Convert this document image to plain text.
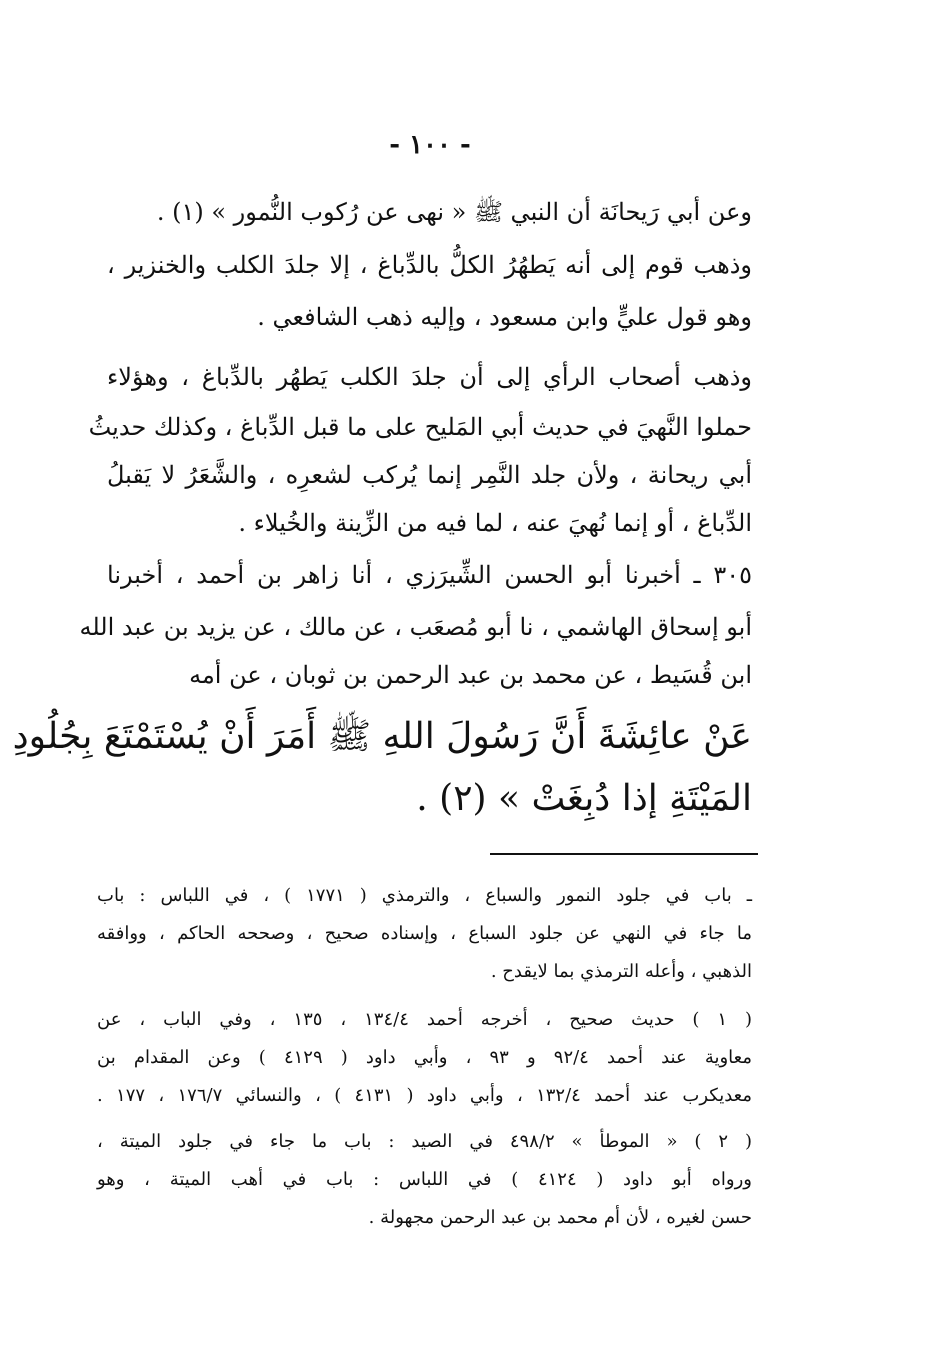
- ١٠٠ -
وعن أبي رَيحانَة أن النبي ﷺ « نهى عن رُكوب النُّمور » (١) .
وذهب قوم إلى أنه يَطهُرُ الكلُّ بالدِّباغ ، إلا جلدَ الكلب والخنزير ،
وهو قول عليٍّ وابن مسعود ، وإليه ذهب الشافعي .
وذهب أصحاب الرأي إلى أن جلدَ الكلب يَطهُر بالدِّباغ ، وهؤلاء
حملوا النَّهيَ في حديث أبي المَليح على ما قبل الدِّباغ ، وكذلك حديثُ
أبي ريحانة ، ولأن جلد النَّمِر إنما يُركب لشعرِه ، والشَّعَرُ لا يَقبلُ
الدِّباغ ، أو إنما نُهيَ عنه ، لما فيه من الزِّينة والخُيلاء .
٣٠٥ ـ أخبرنا أبو الحسن الشِّيرَزي ، أنا زاهر بن أحمد ، أخبرنا
أبو إسحاق الهاشمي ، نا أبو مُصعَب ، عن مالك ، عن يزيد بن عبد الله
ابن قُسَيط ، عن محمد بن عبد الرحمن بن ثوبان ، عن أمه
عَنْ عائِشَةَ أَنَّ رَسُولَ اللهِ ﷺ أَمَرَ أَنْ يُسْتَمْتَعَ بِجُلُودِ
المَيْتَةِ إذا دُبِغَتْ » (٢) .
ـ باب في جلود النمور والسباع ، والترمذي ( ١٧٧١ ) ، في اللباس : باب
ما جاء في النهي عن جلود السباع ، وإسناده صحيح ، وصححه الحاكم ، ووافقه
الذهبي ، وأعله الترمذي بما لايقدح .
( ١ ) حديث صحيح ، أخرجه أحمد ١٣٤/٤ ، ١٣٥ ، وفي الباب ، عن
معاوية عند أحمد ٩٢/٤ و ٩٣ ، وأبي داود ( ٤١٢٩ ) وعن المقدام بن
معديكرب عند أحمد ١٣٢/٤ ، وأبي داود ( ٤١٣١ ) ، والنسائي ١٧٦/٧ ، ١٧٧ .
( ٢ ) « الموطأ » ٤٩٨/٢ في الصيد : باب ما جاء في جلود الميتة ،
ورواه أبو داود ( ٤١٢٤ ) في اللباس : باب في أهب الميتة ، وهو
حسن لغيره ، لأن أم محمد بن عبد الرحمن مجهولة .
